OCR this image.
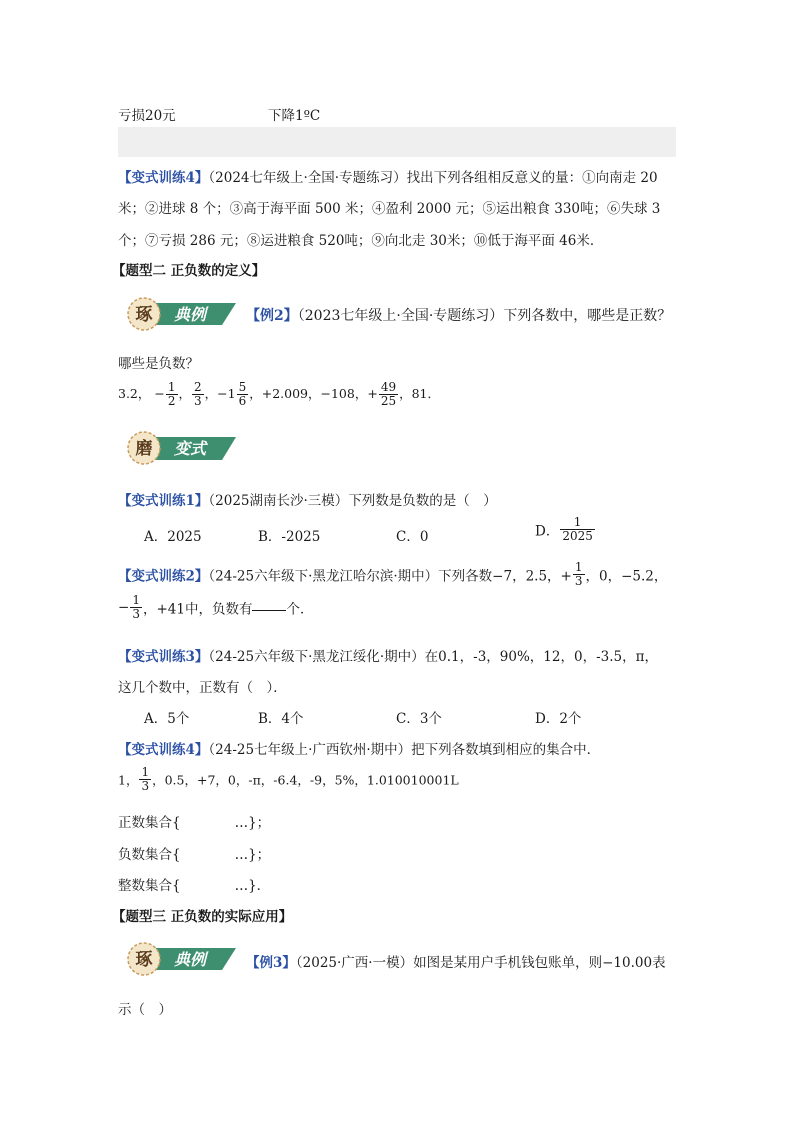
亏损20元	下降1ºC
【变式训练4】（2024七年级上·全国·专题练习）找出下列各组相反意义的量：①向南走 20
米；②进球 8 个；③高于海平面 500 米；④盈利 2000 元；⑤运出粮食 330吨；⑥失球 3
个；⑦亏损 286 元；⑧运进粮食 520吨；⑨向北走 30米；⑩低于海平面 46米．
【题型二 正负数的定义】
琢 典例	【例2】（2023七年级上·全国·专题练习）下列各数中，哪些是正数？
哪些是负数？
3.2， − $\frac{1}{2}$ ， $\frac{2}{3}$ ，$-1 \frac{5}{6}$ ，+2.009，−108，+ $\frac{49}{25}$ ，81．
磨 变式
【变式训练1】（2025湖南长沙·三模）下列数是负数的是（　）
A．2025	B．-2025	C．0	D． $\frac{1}{2025}$
【变式训练2】（24-25六年级下·黑龙江哈尔滨·期中）下列各数−7，2.5，+ $\frac{1}{3}$ ，0，−5.2，
− $\frac{1}{3}$ ，+41中，负数有	个．
【变式训练3】（24-25六年级下·黑龙江绥化·期中）在0.1，-3，90%，12，0，-3.5，π，
这几个数中，正数有（　）．
A．5个	B．4个	C．3个	D．2个
【变式训练4】（24-25七年级上·广西钦州·期中）把下列各数填到相应的集合中．
1， $\frac{1}{3}$ ，0.5，+7，0，-π，-6.4，-9，5%，1.010010001L
正数集合{　　　　…}；
负数集合{　　　　…}；
整数集合{　　　　…}．
【题型三 正负数的实际应用】
琢 典例	【例3】（2025·广西·一模）如图是某用户手机钱包账单，则−10.00表
示（　）
